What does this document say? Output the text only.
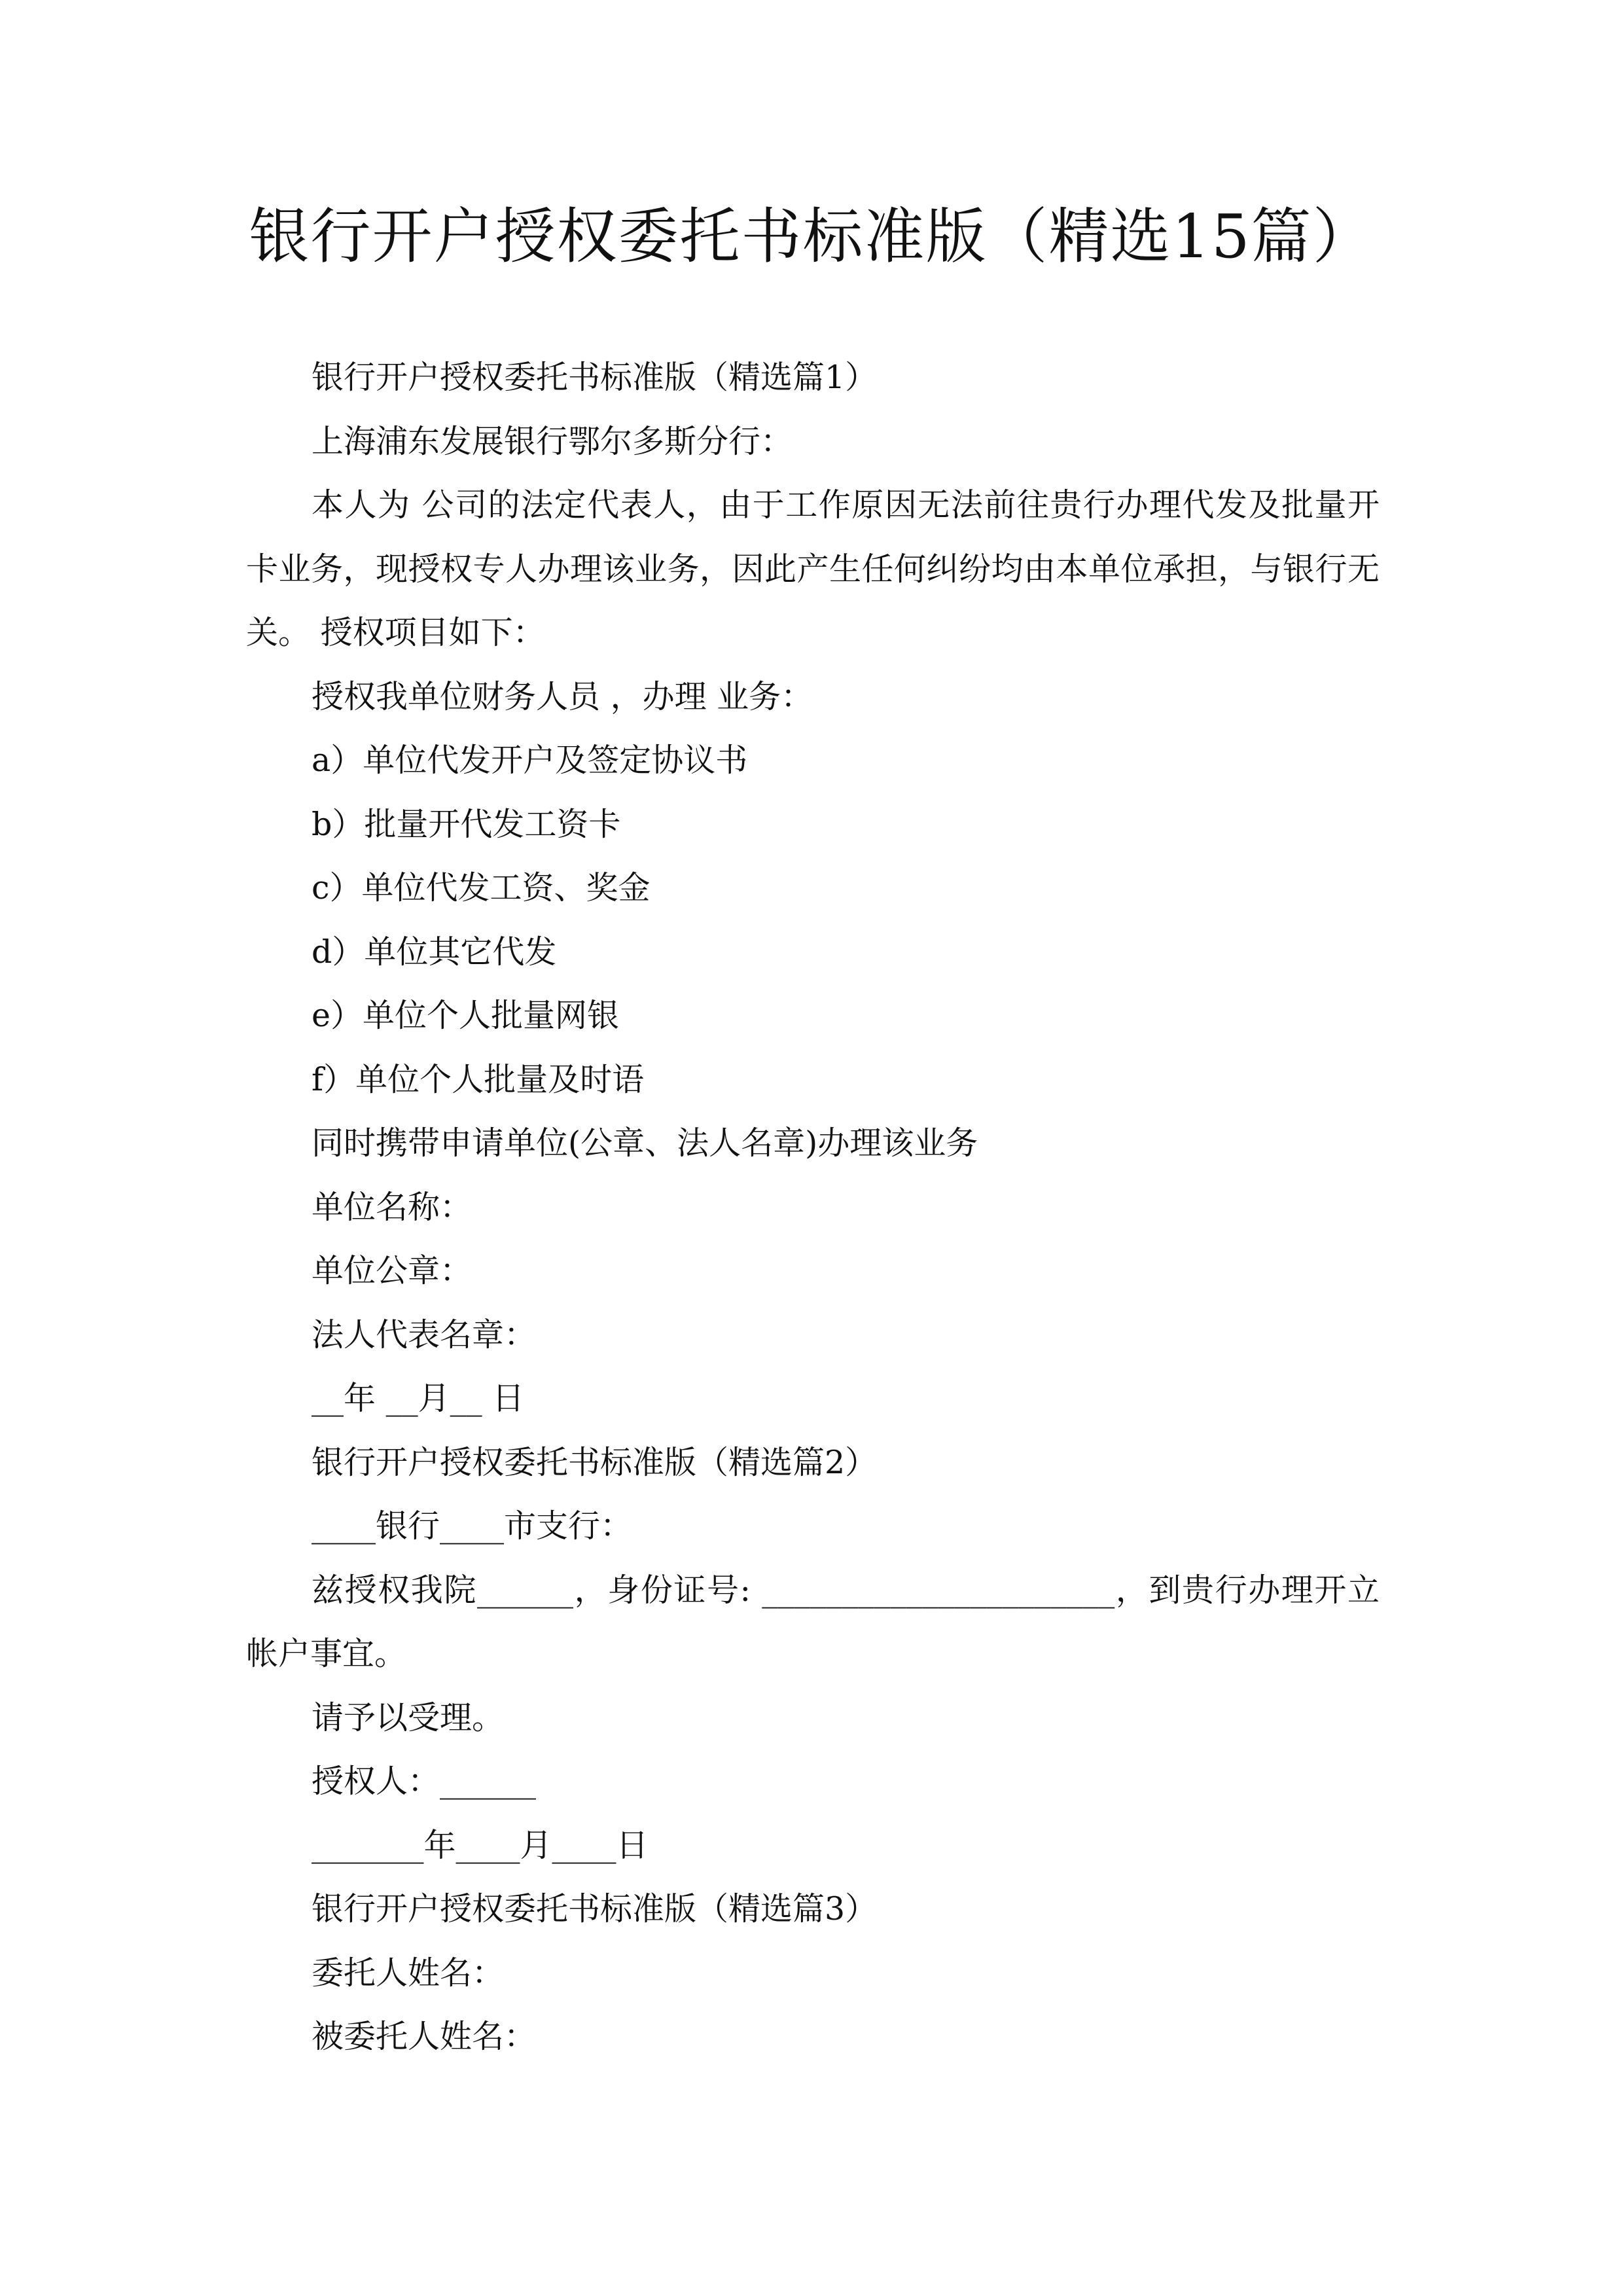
银行开户授权委托书标准版（精选15篇）

银行开户授权委托书标准版（精选篇1）

上海浦东发展银行鄂尔多斯分行：

本人为 公司的法定代表人，由于工作原因无法前往贵行办理代发及批量开卡业务，现授权专人办理该业务，因此产生任何纠纷均由本单位承担，与银行无关。 授权项目如下：

授权我单位财务人员 ，办理 业务：

a）单位代发开户及签定协议书

b）批量开代发工资卡

c）单位代发工资、奖金

d）单位其它代发

e）单位个人批量网银

f）单位个人批量及时语

同时携带申请单位(公章、法人名章)办理该业务

单位名称：

单位公章：

法人代表名章：

__年 __月__ 日

银行开户授权委托书标准版（精选篇2）

____银行____市支行：

兹授权我院______，身份证号: ______________________，到贵行办理开立帐户事宜。

请予以受理。

授权人：______

_______年____月____日

银行开户授权委托书标准版（精选篇3）

委托人姓名：

被委托人姓名：
